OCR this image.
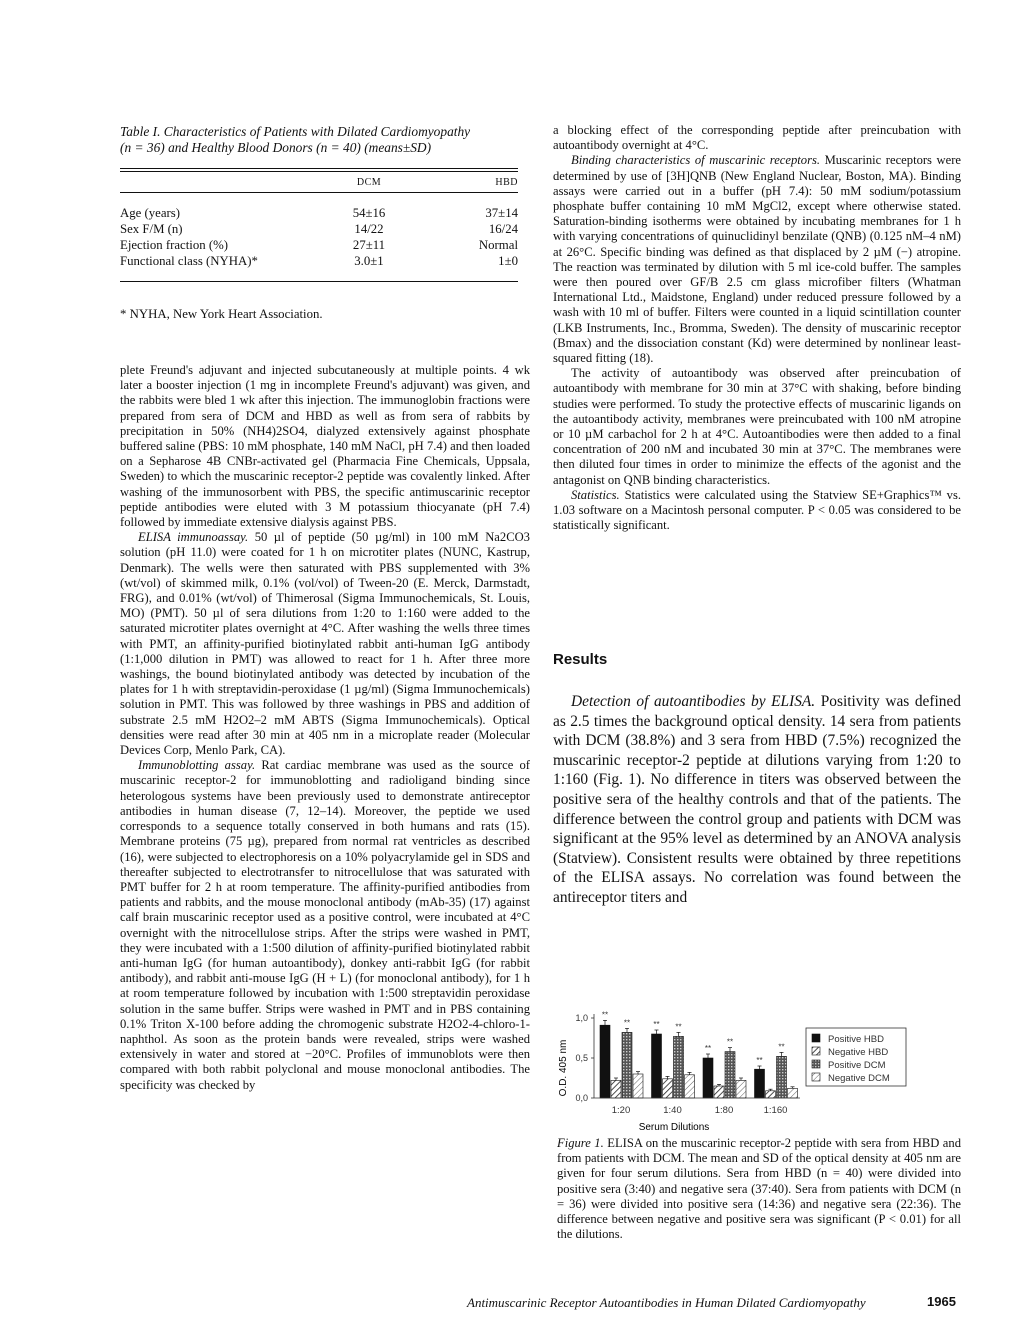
Table I. Characteristics of Patients with Dilated Cardiomyopathy
(n = 36) and Healthy Blood Donors (n = 40) (means±SD)
DCM	HBD
Age (years)	54±16	37±14
Sex F/M (n)	14/22	16/24
Ejection fraction (%)	27±11	Normal
Functional class (NYHA)*	3.0±1	1±0
* NYHA, New York Heart Association.

plete Freund's adjuvant and injected subcutaneously at multiple points. 4 wk later a booster injection (1 mg in incomplete Freund's adjuvant) was given, and the rabbits were bled 1 wk after this injection. The immunoglobin fractions were prepared from sera of DCM and HBD as well as from sera of rabbits by precipitation in 50% (NH4)2SO4, dialyzed extensively against phosphate buffered saline (PBS: 10 mM phosphate, 140 mM NaCl, pH 7.4) and then loaded on a Sepharose 4B CNBr-activated gel (Pharmacia Fine Chemicals, Uppsala, Sweden) to which the muscarinic receptor-2 peptide was covalently linked. After washing of the immunosorbent with PBS, the specific antimuscarinic receptor peptide antibodies were eluted with 3 M potassium thiocyanate (pH 7.4) followed by immediate extensive dialysis against PBS.

ELISA immunoassay. 50 µl of peptide (50 µg/ml) in 100 mM Na2CO3 solution (pH 11.0) were coated for 1 h on microtiter plates (NUNC, Kastrup, Denmark). The wells were then saturated with PBS supplemented with 3% (wt/vol) of skimmed milk, 0.1% (vol/vol) of Tween-20 (E. Merck, Darmstadt, FRG), and 0.01% (wt/vol) of Thimerosal (Sigma Immunochemicals, St. Louis, MO) (PMT). 50 µl of sera dilutions from 1:20 to 1:160 were added to the saturated microtiter plates overnight at 4°C. After washing the wells three times with PMT, an affinity-purified biotinylated rabbit anti-human IgG antibody (1:1,000 dilution in PMT) was allowed to react for 1 h. After three more washings, the bound biotinylated antibody was detected by incubation of the plates for 1 h with streptavidin-peroxidase (1 µg/ml) (Sigma Immunochemicals) solution in PMT. This was followed by three washings in PBS and addition of substrate 2.5 mM H2O2–2 mM ABTS (Sigma Immunochemicals). Optical densities were read after 30 min at 405 nm in a microplate reader (Molecular Devices Corp, Menlo Park, CA).

Immunoblotting assay. Rat cardiac membrane was used as the source of muscarinic receptor-2 for immunoblotting and radioligand binding since heterologous systems have been previously used to demonstrate antireceptor antibodies in human disease (7, 12–14). Moreover, the peptide we used corresponds to a sequence totally conserved in both humans and rats (15). Membrane proteins (75 µg), prepared from normal rat ventricles as described (16), were subjected to electrophoresis on a 10% polyacrylamide gel in SDS and thereafter subjected to electrotransfer to nitrocellulose that was saturated with PMT buffer for 2 h at room temperature. The affinity-purified antibodies from patients and rabbits, and the mouse monoclonal antibody (mAb-35) (17) against calf brain muscarinic receptor used as a positive control, were incubated at 4°C overnight with the nitrocellulose strips. After the strips were washed in PMT, they were incubated with a 1:500 dilution of affinity-purified biotinylated rabbit anti-human IgG (for human autoantibody), donkey anti-rabbit IgG (for rabbit antibody), and rabbit anti-mouse IgG (H + L) (for monoclonal antibody), for 1 h at room temperature followed by incubation with 1:500 streptavidin peroxidase solution in the same buffer. Strips were washed in PMT and in PBS containing 0.1% Triton X-100 before adding the chromogenic substrate H2O2-4-chloro-1-naphthol. As soon as the protein bands were revealed, strips were washed extensively in water and stored at −20°C. Profiles of immunoblots were then compared with both rabbit polyclonal and mouse monoclonal antibodies. The specificity was checked by

a blocking effect of the corresponding peptide after preincubation with autoantibody overnight at 4°C.

Binding characteristics of muscarinic receptors. Muscarinic receptors were determined by use of [3H]QNB (New England Nuclear, Boston, MA). Binding assays were carried out in a buffer (pH 7.4): 50 mM sodium/potassium phosphate buffer containing 10 mM MgCl2, except where otherwise stated. Saturation-binding isotherms were obtained by incubating membranes for 1 h with varying concentrations of quinuclidinyl benzilate (QNB) (0.125 nM–4 nM) at 26°C. Specific binding was defined as that displaced by 2 µM (−) atropine. The reaction was terminated by dilution with 5 ml ice-cold buffer. The samples were then poured over GF/B 2.5 cm glass microfiber filters (Whatman International Ltd., Maidstone, England) under reduced pressure followed by a wash with 10 ml of buffer. Filters were counted in a liquid scintillation counter (LKB Instruments, Inc., Bromma, Sweden). The density of muscarinic receptor (Bmax) and the dissociation constant (Kd) were determined by nonlinear least-squared fitting (18).

The activity of autoantibody was observed after preincubation of autoantibody with membrane for 30 min at 37°C with shaking, before binding studies were performed. To study the protective effects of muscarinic ligands on the autoantibody activity, membranes were preincubated with 100 nM atropine or 10 µM carbachol for 2 h at 4°C. Autoantibodies were then added to a final concentration of 200 nM and incubated 30 min at 37°C. The membranes were then diluted four times in order to minimize the effects of the agonist and the antagonist on QNB binding characteristics.

Statistics. Statistics were calculated using the Statview SE+Graphics™ vs. 1.03 software on a Macintosh personal computer. P < 0.05 was considered to be statistically significant.

Results

Detection of autoantibodies by ELISA. Positivity was defined as 2.5 times the background optical density. 14 sera from patients with DCM (38.8%) and 3 sera from HBD (7.5%) recognized the muscarinic receptor-2 peptide at dilutions varying from 1:20 to 1:160 (Fig. 1). No difference in titers was observed between the positive sera of the healthy controls and that of the patients. The difference between the control group and patients with DCM was significant at the 95% level as determined by an ANOVA analysis (Statview). Consistent results were obtained by three repetitions of the ELISA assays. No correlation was found between the antireceptor titers and

O.D. 405 nm
1,0
0,5
0,0
**
**	** **
**
**
**
**
1:20	1:40	1:80	1:160
Serum Dilutions
Positive HBD
Negative HBD
Positive DCM
Negative DCM
Figure 1. ELISA on the muscarinic receptor-2 peptide with sera from HBD and from patients with DCM. The mean and SD of the optical density at 405 nm are given for four serum dilutions. Sera from HBD (n = 40) were divided into positive sera (3:40) and negative sera (37:40). Sera from patients with DCM (n = 36) were divided into positive sera (14:36) and negative sera (22:36). The difference between negative and positive sera was significant (P < 0.01) for all the dilutions.
Antimuscarinic Receptor Autoantibodies in Human Dilated Cardiomyopathy	1965
